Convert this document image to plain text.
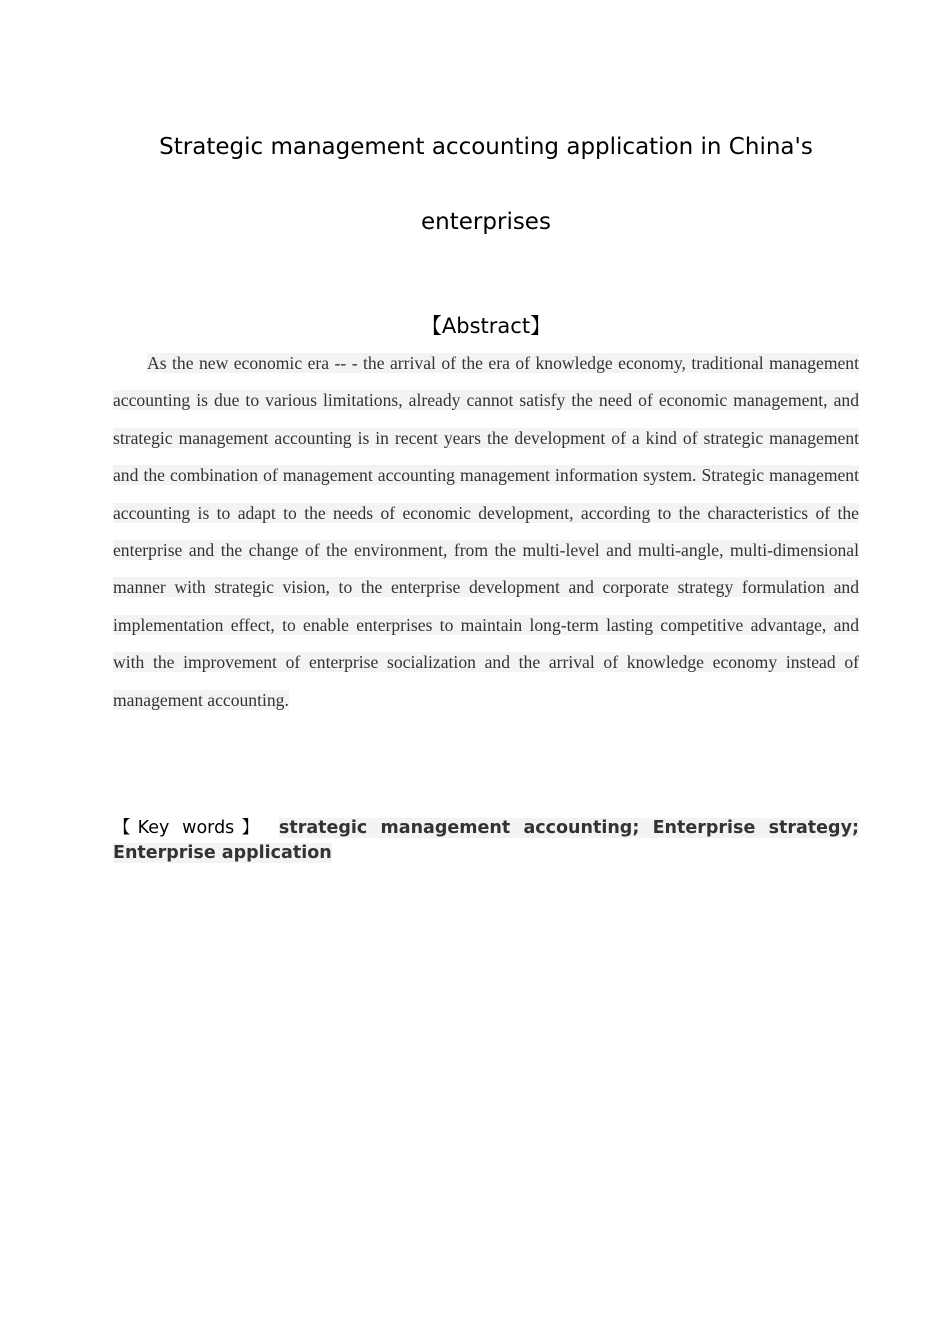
Strategic management accounting application in China's enterprises
【Abstract】

As the new economic era -- - the arrival of the era of knowledge economy, traditional management accounting is due to various limitations, already cannot satisfy the need of economic management, and strategic management accounting is in recent years the development of a kind of strategic management and the combination of management accounting management information system. Strategic management accounting is to adapt to the needs of economic development, according to the characteristics of the enterprise and the change of the environment, from the multi-level and multi-angle, multi-dimensional manner with strategic vision, to the enterprise development and corporate strategy formulation and implementation effect, to enable enterprises to maintain long-term lasting competitive advantage, and with the improvement of enterprise socialization and the arrival of knowledge economy instead of management accounting.

【Key words】 strategic management accounting; Enterprise strategy; Enterprise application
